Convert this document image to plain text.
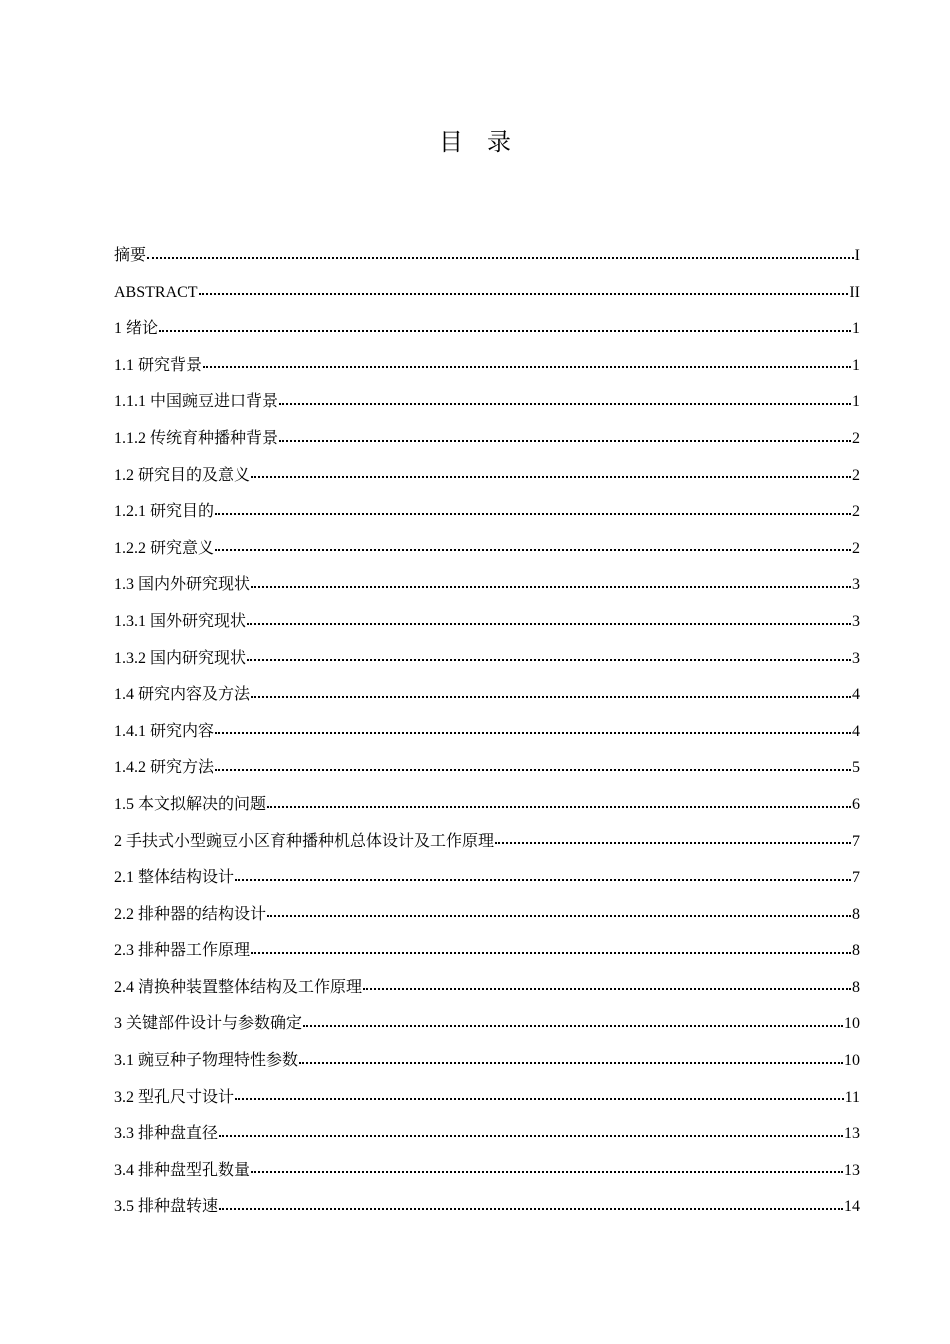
目　录
摘要	I
ABSTRACT	II
1 绪论	1
1.1 研究背景	1
1.1.1 中国豌豆进口背景	1
1.1.2 传统育种播种背景	2
1.2 研究目的及意义	2
1.2.1 研究目的	2
1.2.2 研究意义	2
1.3 国内外研究现状	3
1.3.1 国外研究现状	3
1.3.2 国内研究现状	3
1.4 研究内容及方法	4
1.4.1 研究内容	4
1.4.2 研究方法	5
1.5 本文拟解决的问题	6
2 手扶式小型豌豆小区育种播种机总体设计及工作原理	7
2.1 整体结构设计	7
2.2 排种器的结构设计	8
2.3 排种器工作原理	8
2.4 清换种装置整体结构及工作原理	8
3 关键部件设计与参数确定	10
3.1 豌豆种子物理特性参数	10
3.2 型孔尺寸设计	11
3.3 排种盘直径	13
3.4 排种盘型孔数量	13
3.5 排种盘转速	14
